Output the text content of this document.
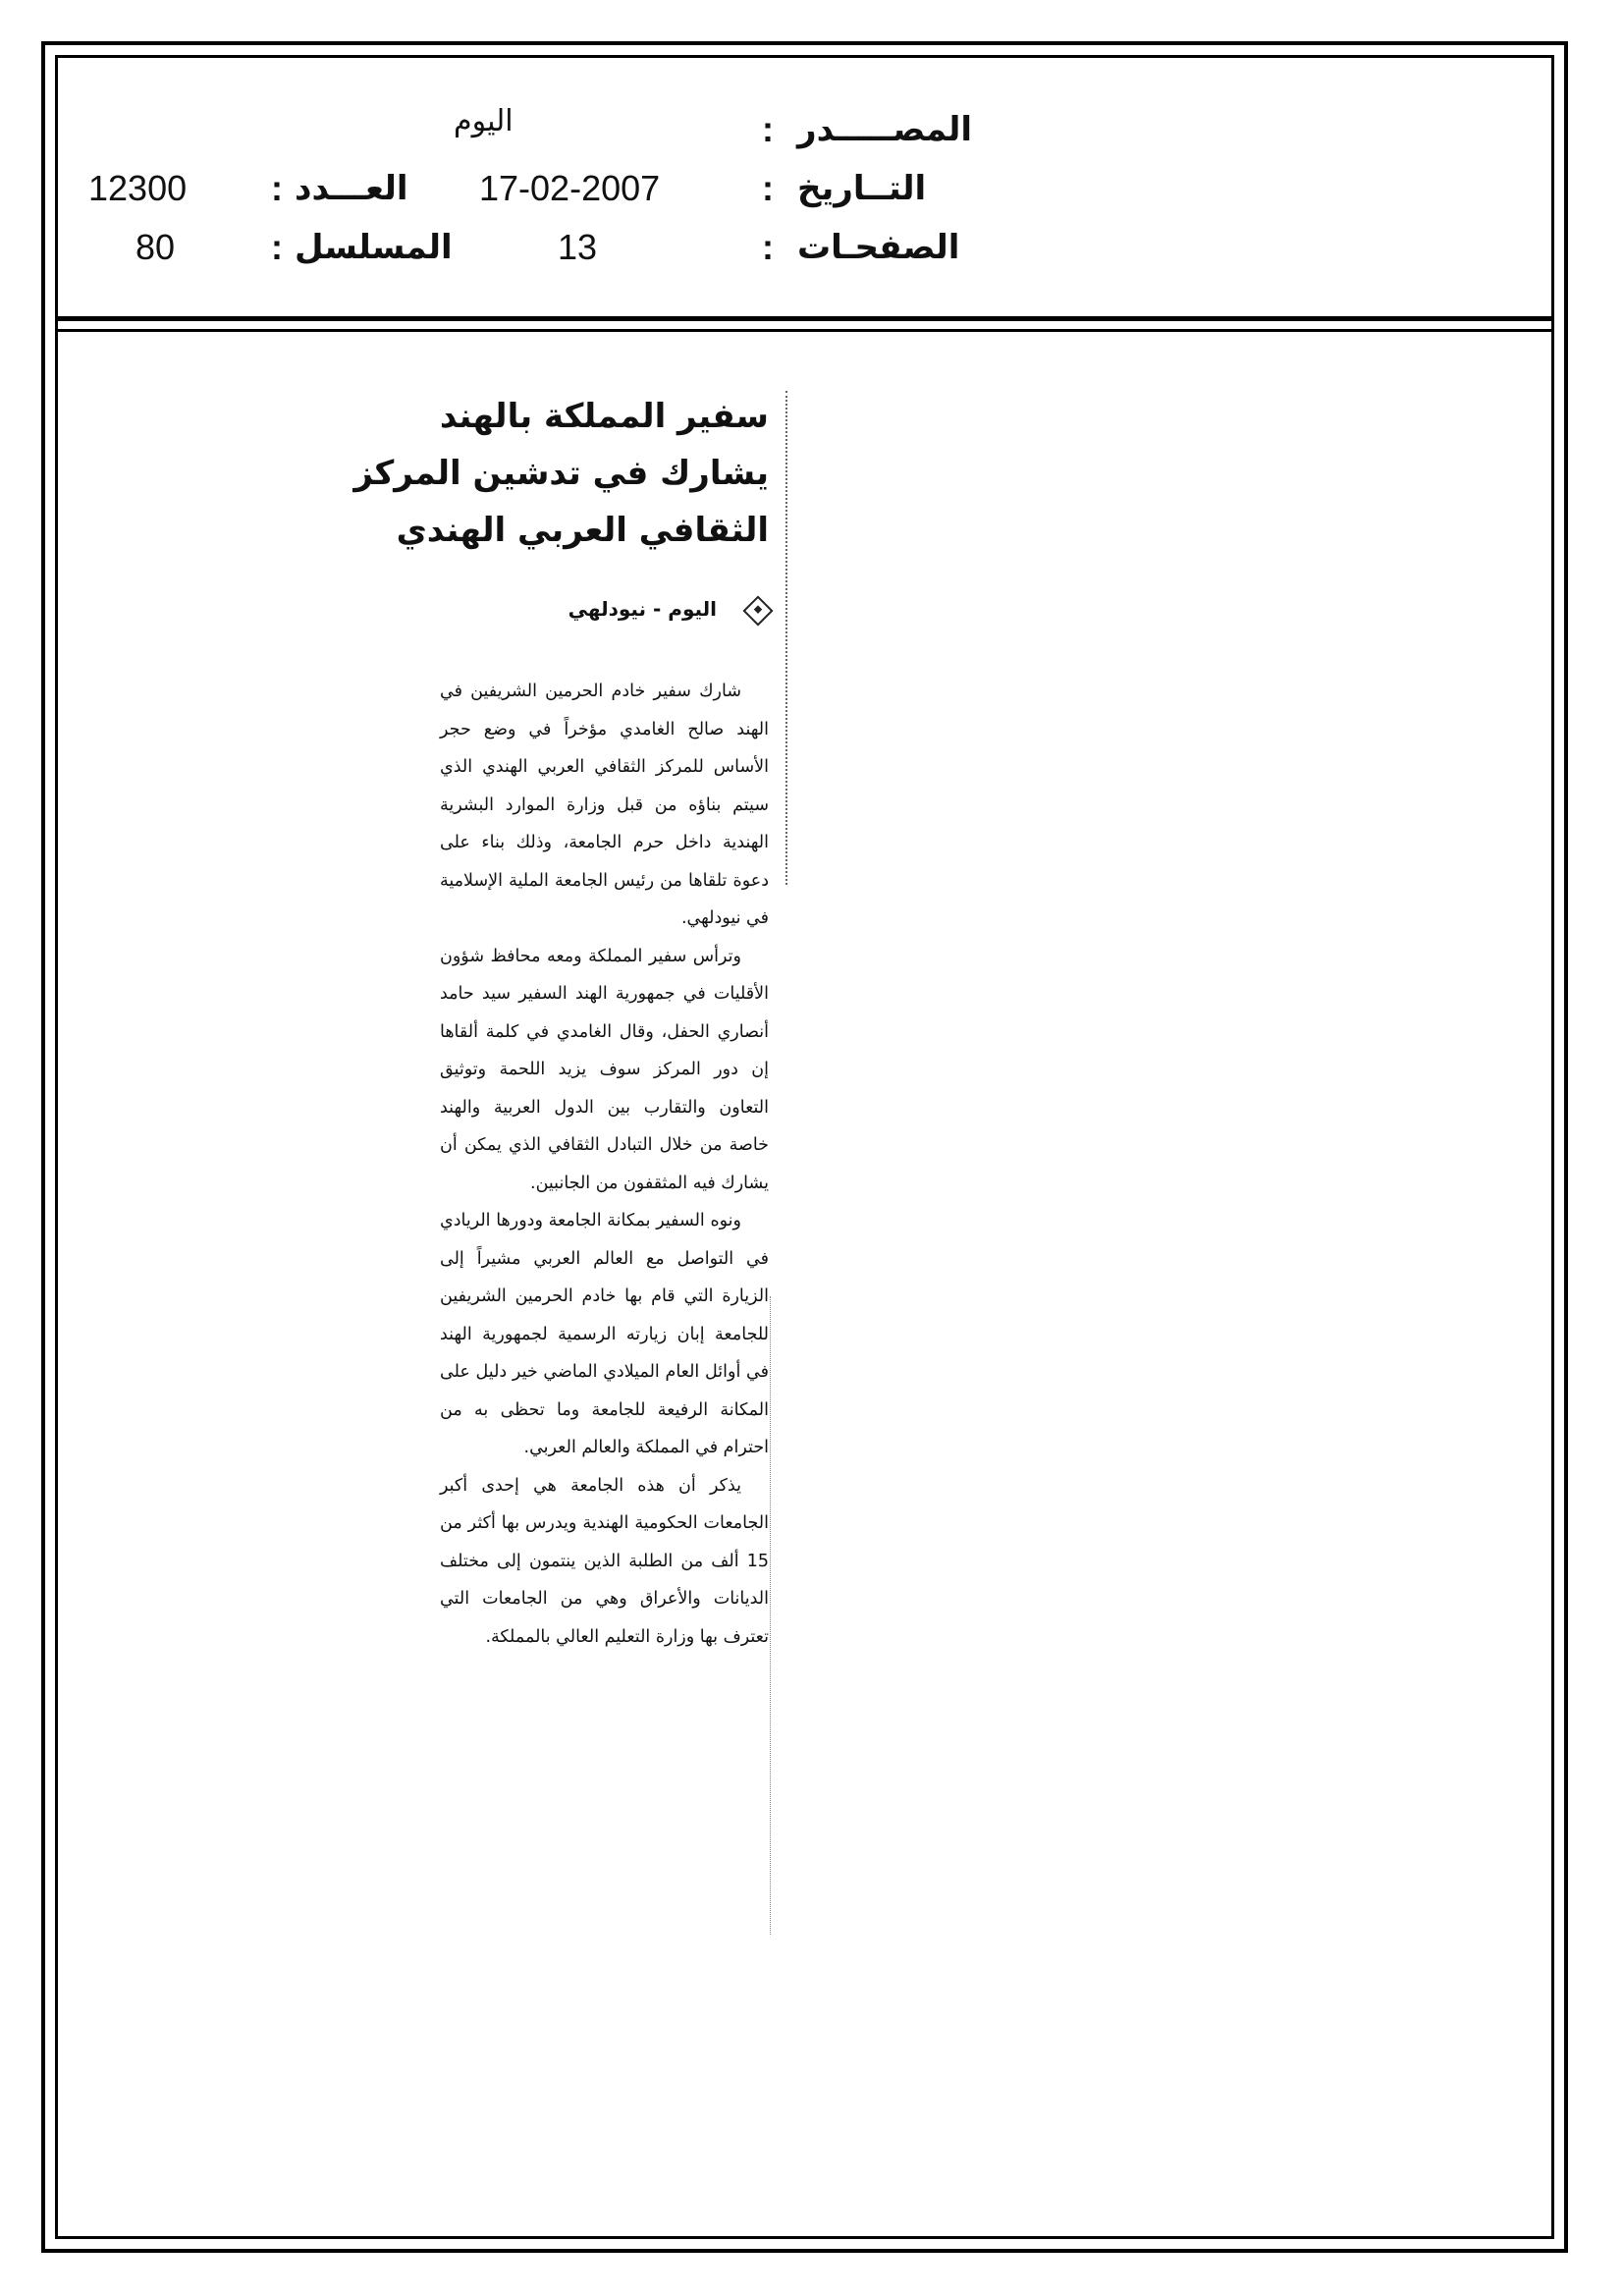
المصـــــدر
:
اليوم
التــاريخ
:
17-02-2007
الصفحـات
:
13
العـــدد
:
12300
المسلسل
:
80
سفير المملكة بالهند
يشارك في تدشين المركز
الثقافي العربي الهندي
اليوم - نيودلهي

شارك سفير خادم الحرمين الشريفين في الهند صالح الغامدي مؤخراً في وضع حجر الأساس للمركز الثقافي العربي الهندي الذي سيتم بناؤه من قبل وزارة الموارد البشرية الهندية داخل حرم الجامعة، وذلك بناء على دعوة تلقاها من رئيس الجامعة الملية الإسلامية في نيودلهي.

وترأس سفير المملكة ومعه محافظ شؤون الأقليات في جمهورية الهند السفير سيد حامد أنصاري الحفل، وقال الغامدي في كلمة ألقاها إن دور المركز سوف يزيد اللحمة وتوثيق التعاون والتقارب بين الدول العربية والهند خاصة من خلال التبادل الثقافي الذي يمكن أن يشارك فيه المثقفون من الجانبين.

ونوه السفير بمكانة الجامعة ودورها الريادي في التواصل مع العالم العربي مشيراً إلى الزيارة التي قام بها خادم الحرمين الشريفين للجامعة إبان زيارته الرسمية لجمهورية الهند في أوائل العام الميلادي الماضي خير دليل على المكانة الرفيعة للجامعة وما تحظى به من احترام في المملكة والعالم العربي.

يذكر أن هذه الجامعة هي إحدى أكبر الجامعات الحكومية الهندية ويدرس بها أكثر من 15 ألف من الطلبة الذين ينتمون إلى مختلف الديانات والأعراق وهي من الجامعات التي تعترف بها وزارة التعليم العالي بالمملكة.
